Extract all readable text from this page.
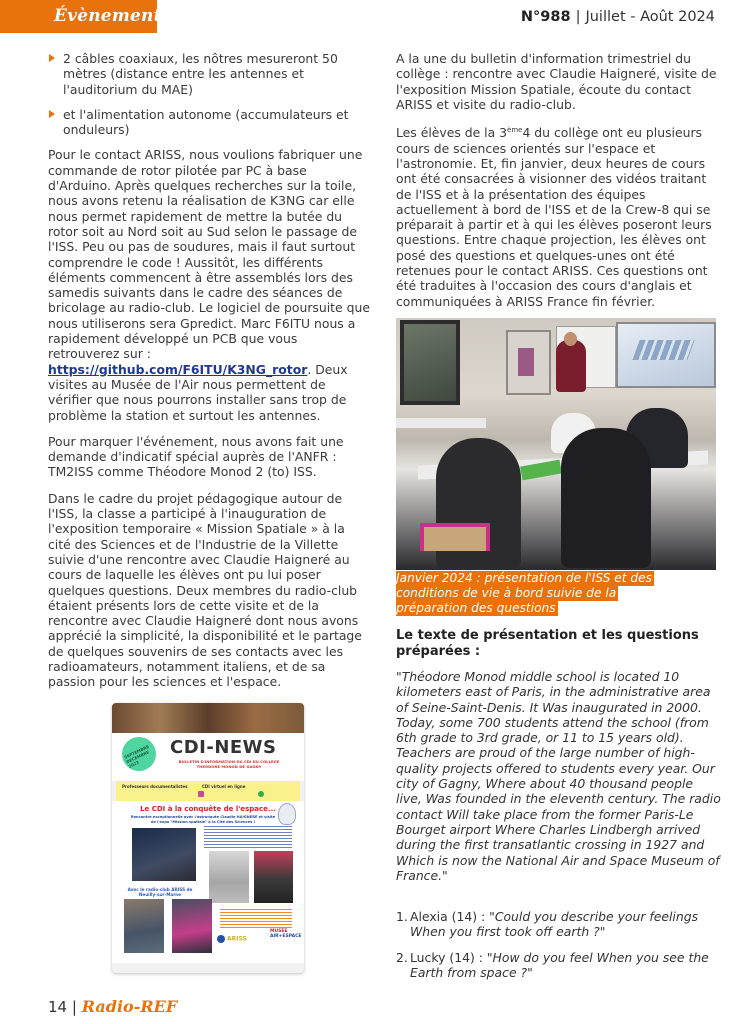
Évènementiel	N°988 | Juillet - Août 2024
2 câbles coaxiaux, les nôtres mesureront 50 mètres (distance entre les antennes et l'auditorium du MAE)
et l'alimentation autonome (accumulateurs et onduleurs)

Pour le contact ARISS, nous voulions fabriquer une commande de rotor pilotée par PC à base d'Arduino. Après quelques recherches sur la toile, nous avons retenu la réalisation de K3NG car elle nous permet rapidement de mettre la butée du rotor soit au Nord soit au Sud selon le passage de l'ISS. Peu ou pas de soudures, mais il faut surtout comprendre le code ! Aussitôt, les différents éléments commencent à être assemblés lors des samedis suivants dans le cadre des séances de bricolage au radio-club. Le logiciel de poursuite que nous utiliserons sera Gpredict. Marc F6ITU nous a rapidement développé un PCB que vous retrouverez sur : https://github.com/F6ITU/K3NG_rotor. Deux visites au Musée de l'Air nous permettent de vérifier que nous pourrons installer sans trop de problème la station et surtout les antennes.

Pour marquer l'événement, nous avons fait une demande d'indicatif spécial auprès de l'ANFR : TM2ISS comme Théodore Monod 2 (to) ISS.

Dans le cadre du projet pédagogique autour de l'ISS, la classe a participé à l'inauguration de l'exposition temporaire « Mission Spatiale » à la cité des Sciences et de l'Industrie de la Villette suivie d'une rencontre avec Claudie Haigneré au cours de laquelle les élèves ont pu lui poser quelques questions. Deux membres du radio-club étaient présents lors de cette visite et de la rencontre avec Claudie Haigneré dont nous avons apprécié la simplicité, la disponibilité et le partage de quelques souvenirs de ses contacts avec les radioamateurs, notamment italiens, et de sa passion pour les sciences et l'espace.

SEPTEMBRE DECEMBRE 2023
CDI-NEWS
BULLETIN D'INFORMATION DU CDI DU COLLEGE THEODORE MONOD DE GAGNY
Professeurs documentalistes	CDI virtuel en ligne
Le CDI à la conquête de l'espace...
Rencontre exceptionnelle avec l'astronaute Claudie HAIGNERE et visite de l'expo "Mission spatiale" à la Cité des Sciences !
Avec le radio-club ARISS de Neuilly-sur-Marne
ARISS
MUSÉE
AIR+ESPACE

A la une du bulletin d'information trimestriel du collège : rencontre avec Claudie Haigneré, visite de l'exposition Mission Spatiale, écoute du contact ARISS et visite du radio-club.

Les élèves de la 3ème4 du collège ont eu plusieurs cours de sciences orientés sur l'espace et l'astronomie. Et, fin janvier, deux heures de cours ont été consacrées à visionner des vidéos traitant de l'ISS et à la présentation des équipes actuellement à bord de l'ISS et de la Crew-8 qui se préparait à partir et à qui les élèves poseront leurs questions. Entre chaque projection, les élèves ont posé des questions et quelques-unes ont été retenues pour le contact ARISS. Ces questions ont été traduites à l'occasion des cours d'anglais et communiquées à ARISS France fin février.

Janvier 2024 : présentation de l'ISS et des conditions de vie à bord suivie de la préparation des questions
Le texte de présentation et les questions préparées :
"Théodore Monod middle school is located 10 kilometers east of Paris, in the administrative area of Seine-Saint-Denis. It Was inaugurated in 2000. Today, some 700 students attend the school (from 6th grade to 3rd grade, or 11 to 15 years old). Teachers are proud of the large number of high-quality projects offered to students every year. Our city of Gagny, Where about 40 thousand people live, Was founded in the eleventh century. The radio contact Will take place from the former Paris-Le Bourget airport Where Charles Lindbergh arrived during the first transatlantic crossing in 1927 and Which is now the National Air and Space Museum of France."
1. Alexia (14) : "Could you describe your feelings When you first took off earth ?"
2. Lucky (14) : "How do you feel When you see the Earth from space ?"
14 | Radio-REF
